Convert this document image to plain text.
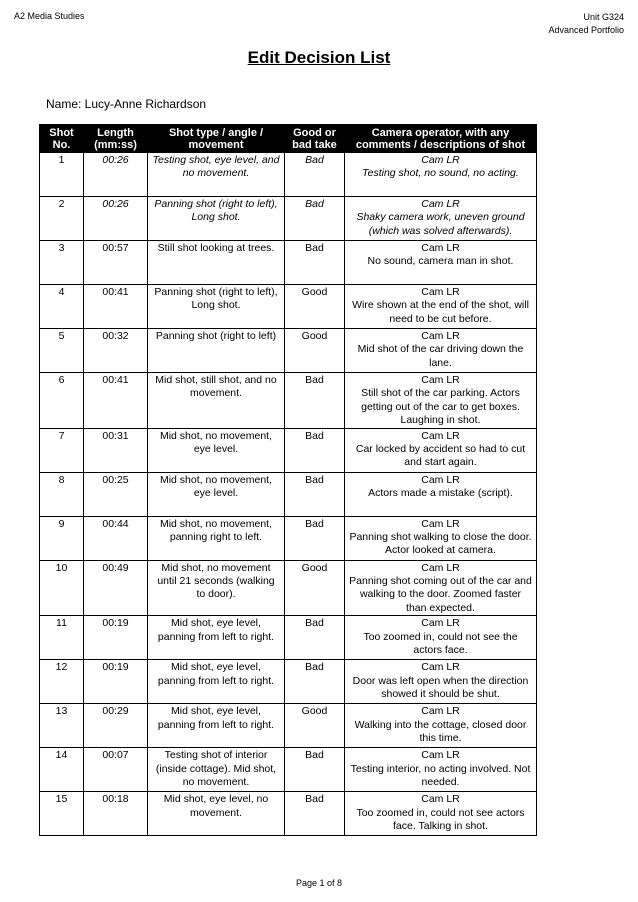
A2 Media Studies	Unit G324
Advanced Portfolio
Edit Decision List
Name: Lucy-Anne Richardson
Shot No.	Length (mm:ss)	Shot type / angle / movement	Good or bad take	Camera operator, with any comments / descriptions of shot
1	00:26	Testing shot, eye level, and no movement.	Bad	Cam LR
Testing shot, no sound, no acting.

2	00:26	Panning shot (right to left), Long shot.	Bad	Cam LR
Shaky camera work, uneven ground (which was solved afterwards).

3	00:57	Still shot looking at trees.	Bad	Cam LR
No sound, camera man in shot.

4	00:41	Panning shot (right to left), Long shot.	Good	Cam LR
Wire shown at the end of the shot, will need to be cut before.

5	00:32	Panning shot (right to left)	Good	Cam LR
Mid shot of the car driving down the lane.

6	00:41	Mid shot, still shot, and no movement.	Bad	Cam LR
Still shot of the car parking. Actors getting out of the car to get boxes. Laughing in shot.

7	00:31	Mid shot, no movement, eye level.	Bad	Cam LR
Car locked by accident so had to cut and start again.

8	00:25	Mid shot, no movement, eye level.	Bad	Cam LR
Actors made a mistake (script).

9	00:44	Mid shot, no movement, panning right to left.	Bad	Cam LR
Panning shot walking to close the door. Actor looked at camera.

10	00:49	Mid shot, no movement until 21 seconds (walking to door).	Good	Cam LR
Panning shot coming out of the car and walking to the door. Zoomed faster than expected.

11	00:19	Mid shot, eye level, panning from left to right.	Bad	Cam LR
Too zoomed in, could not see the actors face.

12	00:19	Mid shot, eye level, panning from left to right.	Bad	Cam LR
Door was left open when the direction showed it should be shut.

13	00:29	Mid shot, eye level, panning from left to right.	Good	Cam LR
Walking into the cottage, closed door this time.

14	00:07	Testing shot of interior (inside cottage). Mid shot, no movement.	Bad	Cam LR
Testing interior, no acting involved. Not needed.

15	00:18	Mid shot, eye level, no movement.	Bad	Cam LR
Too zoomed in, could not see actors face. Talking in shot.
Page 1 of 8
